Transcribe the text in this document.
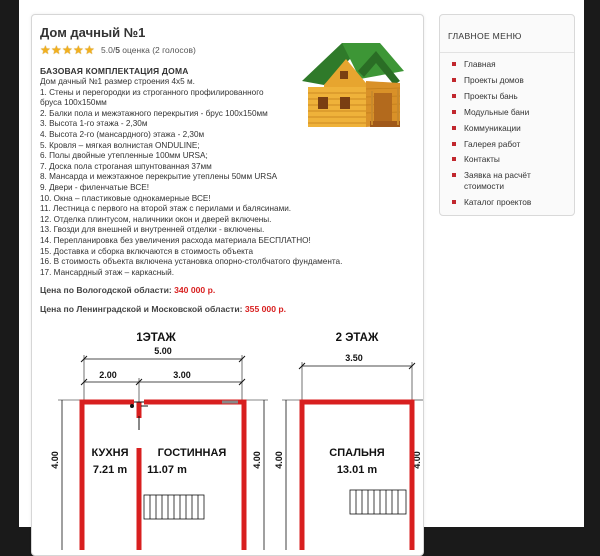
Дом дачный №1
★ ★ ★ ★ ★ 5.0/5 оценка (2 голосов)
БАЗОВАЯ КОМПЛЕКТАЦИЯ ДОМА
Дом дачный №1 размер строения 4х5 м.
1. Стены и перегородки из строганного профилированного
бруса 100х150мм
2. Балки пола и межэтажного перекрытия - брус 100х150мм
3. Высота 1-го этажа - 2,30м
4. Высота 2-го (мансардного) этажа - 2,30м
5. Кровля – мягкая волнистая ONDULINE;
6. Полы двойные утепленные 100мм URSA;
7. Доска пола строганая шпунтованная 37мм
8. Мансарда и межэтажное перекрытие утеплены 50мм URSA
9. Двери - филенчатые ВСЕ!
10. Окна – пластиковые однокамерные ВСЕ!
11. Лестница с первого на второй этаж с перилами и балясинами.
12. Отделка плинтусом, наличники окон и дверей включены.
13. Гвозди для внешней и внутренней отделки - включены.
14. Перепланировка без увеличения расхода материала БЕСПЛАТНО!
15. Доставка и сборка включаются в стоимость объекта
16. В стоимость объекта включена установка опорно-столбчатого фундамента.
17. Мансардный этаж – каркасный.
Цена по Вологодской области: 340 000 р.
Цена по Ленинградской и Московской области: 355 000 р.
1ЭТАЖ
5.00
2.00	3.00
4.00	4.00
КУХНЯ
7.21 m
ГОСТИННАЯ
11.07 m
2 ЭТАЖ
3.50
4.00	4.00
СПАЛЬНЯ
13.01 m
ГЛАВНОЕ МЕНЮ
Главная
Проекты домов
Проекты бань
Модульные бани
Коммуникации
Галерея работ
Контакты
Заявка на расчёт стоимости
Каталог проектов
